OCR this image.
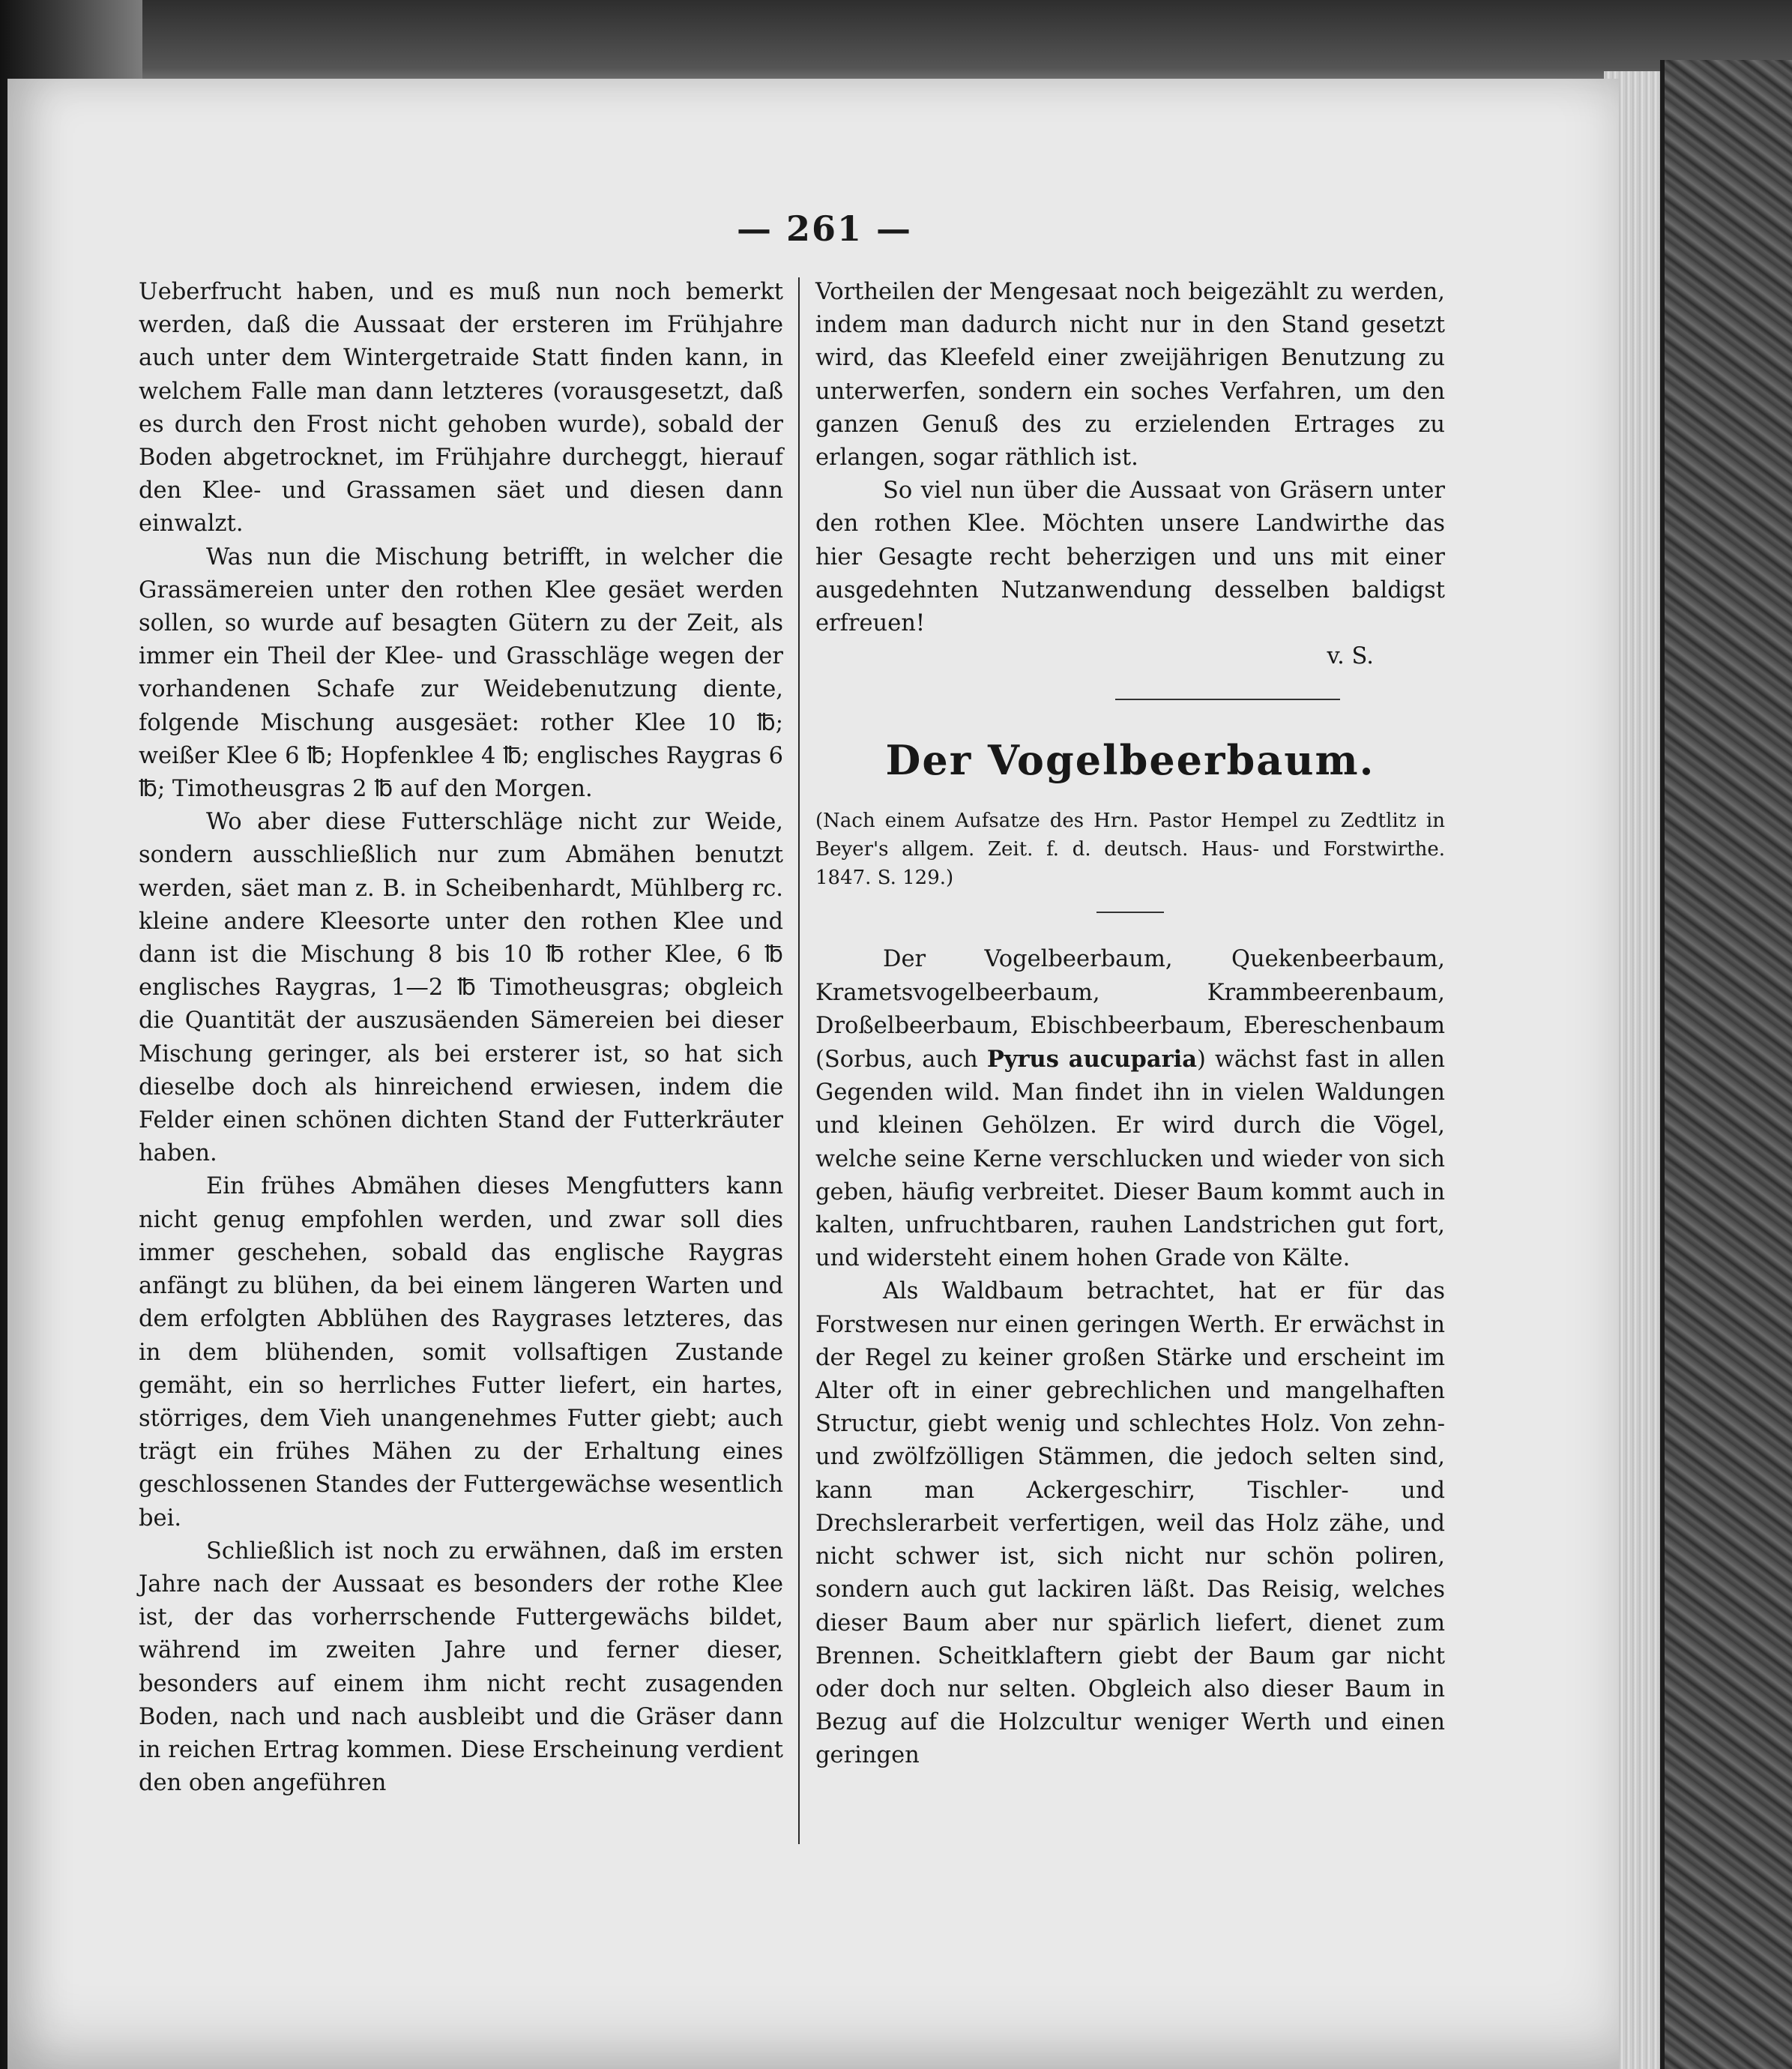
— 261 —

Ueberfrucht haben, und es muß nun noch bemerkt werden, daß die Aussaat der ersteren im Frühjahre auch unter dem Wintergetraide Statt finden kann, in welchem Falle man dann letzteres (vorausgesetzt, daß es durch den Frost nicht gehoben wurde), sobald der Boden abgetrocknet, im Frühjahre durcheggt, hierauf den Klee- und Grassamen säet und diesen dann einwalzt.

Was nun die Mischung betrifft, in welcher die Grassämereien unter den rothen Klee gesäet werden sollen, so wurde auf besagten Gütern zu der Zeit, als immer ein Theil der Klee- und Grasschläge wegen der vorhandenen Schafe zur Weidebenutzung diente, folgende Mischung ausgesäet: rother Klee 10 ℔; weißer Klee 6 ℔; Hopfenklee 4 ℔; englisches Raygras 6 ℔; Timotheusgras 2 ℔ auf den Morgen.

Wo aber diese Futterschläge nicht zur Weide, sondern ausschließlich nur zum Abmähen benutzt werden, säet man z. B. in Scheibenhardt, Mühlberg rc. kleine andere Kleesorte unter den rothen Klee und dann ist die Mischung 8 bis 10 ℔ rother Klee, 6 ℔ englisches Raygras, 1—2 ℔ Timotheusgras; obgleich die Quantität der auszusäenden Sämereien bei dieser Mischung geringer, als bei ersterer ist, so hat sich dieselbe doch als hinreichend erwiesen, indem die Felder einen schönen dichten Stand der Futterkräuter haben.

Ein frühes Abmähen dieses Mengfutters kann nicht genug empfohlen werden, und zwar soll dies immer geschehen, sobald das englische Raygras anfängt zu blühen, da bei einem längeren Warten und dem erfolgten Abblühen des Raygrases letzteres, das in dem blühenden, somit vollsaftigen Zustande gemäht, ein so herrliches Futter liefert, ein hartes, störriges, dem Vieh unangenehmes Futter giebt; auch trägt ein frühes Mähen zu der Erhaltung eines geschlossenen Standes der Futtergewächse wesentlich bei.

Schließlich ist noch zu erwähnen, daß im ersten Jahre nach der Aussaat es besonders der rothe Klee ist, der das vorherrschende Futtergewächs bildet, während im zweiten Jahre und ferner dieser, besonders auf einem ihm nicht recht zusagenden Boden, nach und nach ausbleibt und die Gräser dann in reichen Ertrag kommen. Diese Erscheinung verdient den oben angeführen

Vortheilen der Mengesaat noch beigezählt zu werden, indem man dadurch nicht nur in den Stand gesetzt wird, das Kleefeld einer zweijährigen Benutzung zu unterwerfen, sondern ein soches Verfahren, um den ganzen Genuß des zu erzielenden Ertrages zu erlangen, sogar räthlich ist.

So viel nun über die Aussaat von Gräsern unter den rothen Klee. Möchten unsere Landwirthe das hier Gesagte recht beherzigen und uns mit einer ausgedehnten Nutzanwendung desselben baldigst erfreuen!

v. S.

Der Vogelbeerbaum.

(Nach einem Aufsatze des Hrn. Pastor Hempel zu Zedtlitz in Beyer's allgem. Zeit. f. d. deutsch. Haus- und Forstwirthe. 1847. S. 129.)

Der Vogelbeerbaum, Quekenbeerbaum, Krametsvogelbeerbaum, Krammbeerenbaum, Droßelbeerbaum, Ebischbeerbaum, Ebereschenbaum (Sorbus, auch Pyrus aucuparia) wächst fast in allen Gegenden wild. Man findet ihn in vielen Waldungen und kleinen Gehölzen. Er wird durch die Vögel, welche seine Kerne verschlucken und wieder von sich geben, häufig verbreitet. Dieser Baum kommt auch in kalten, unfruchtbaren, rauhen Landstrichen gut fort, und widersteht einem hohen Grade von Kälte.

Als Waldbaum betrachtet, hat er für das Forstwesen nur einen geringen Werth. Er erwächst in der Regel zu keiner großen Stärke und erscheint im Alter oft in einer gebrechlichen und mangelhaften Structur, giebt wenig und schlechtes Holz. Von zehn- und zwölfzölligen Stämmen, die jedoch selten sind, kann man Ackergeschirr, Tischler- und Drechslerarbeit verfertigen, weil das Holz zähe, und nicht schwer ist, sich nicht nur schön poliren, sondern auch gut lackiren läßt. Das Reisig, welches dieser Baum aber nur spärlich liefert, dienet zum Brennen. Scheitklaftern giebt der Baum gar nicht oder doch nur selten. Obgleich also dieser Baum in Bezug auf die Holzcultur weniger Werth und einen geringen
